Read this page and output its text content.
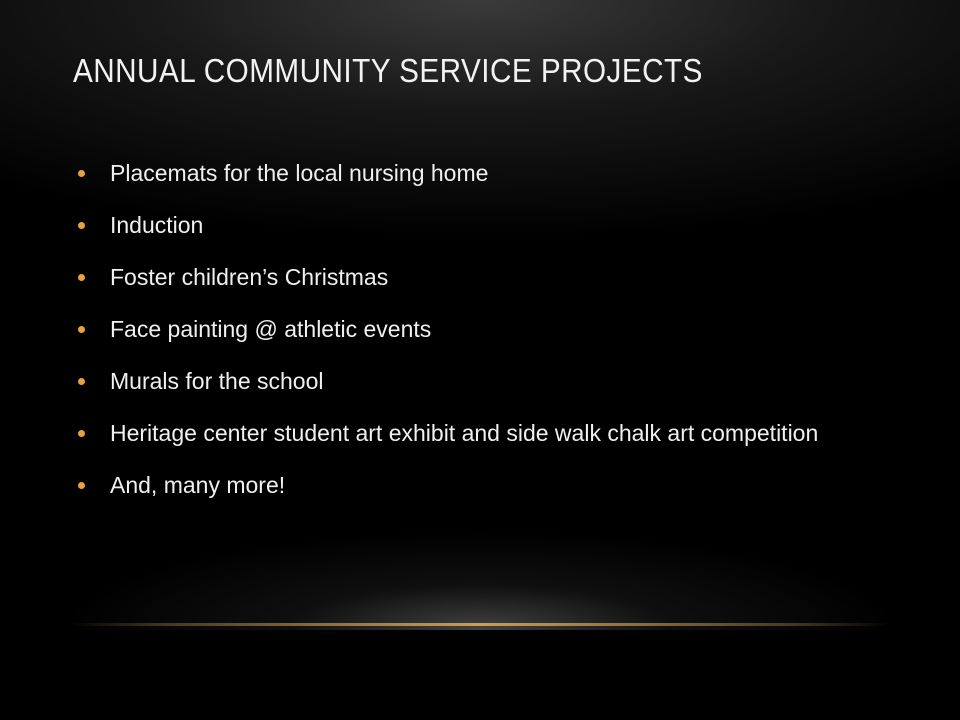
ANNUAL COMMUNITY SERVICE PROJECTS
Placemats for the local nursing home
Induction
Foster children’s Christmas
Face painting @ athletic events
Murals for the school
Heritage center student art exhibit and side walk chalk art competition
And, many more!
